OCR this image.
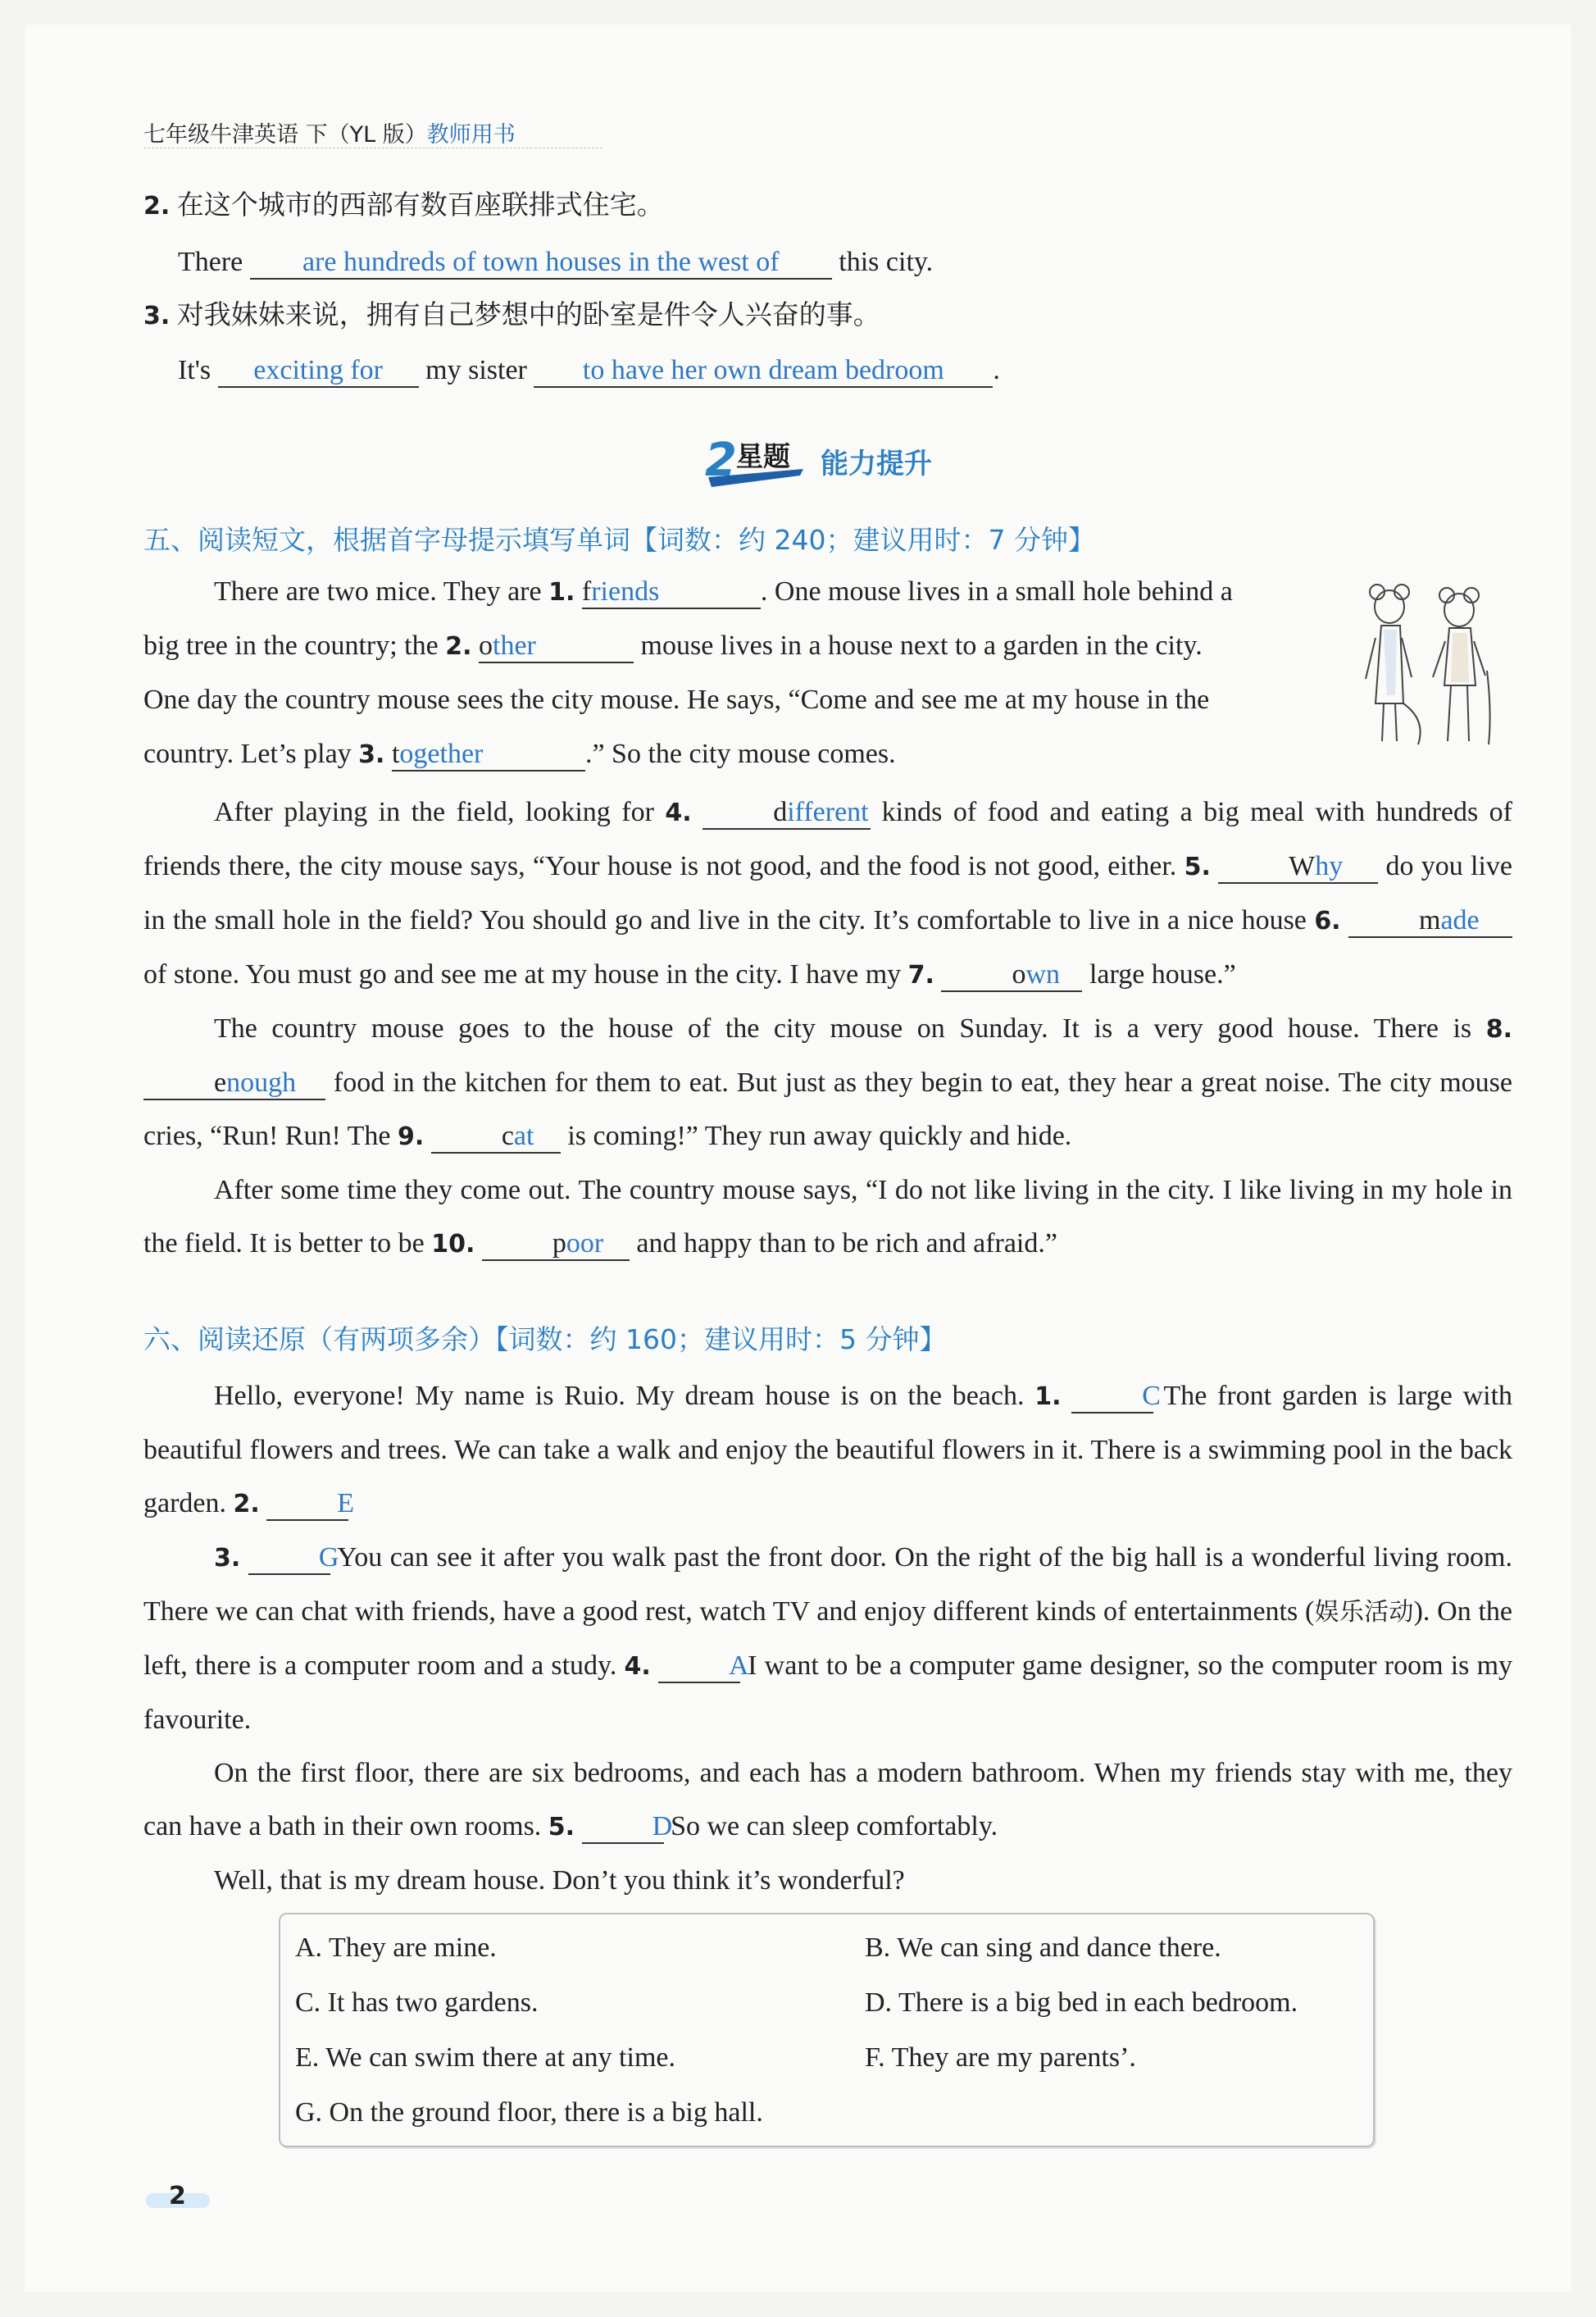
七年级牛津英语 下（YL 版）教师用书
2. 在这个城市的西部有数百座联排式住宅。
There are hundreds of town houses in the west of this city.
3. 对我妹妹来说，拥有自己梦想中的卧室是件令人兴奋的事。
It's exciting for my sister to have her own dream bedroom .
2 星题 能力提升
五、阅读短文，根据首字母提示填写单词【词数：约 240；建议用时：7 分钟】
There are two mice. They are 1. friends	. One mouse lives in a small hole behind a
big tree in the country; the 2. other	mouse lives in a house next to a garden in the city.
One day the country mouse sees the city mouse. He says, “Come and see me at my house in the
country. Let’s play 3. together	.” So the city mouse comes.

After playing in the field, looking for 4.	different kinds of food and eating a big meal with hundreds of friends there, the city mouse says, “Your house is not good, and the food is not good, either. 5.	Why do you live in the small hole in the field? You should go and live in the city. It’s comfortable to live in a nice house 6.	made of stone. You must go and see me at my house in the city. I have my 7.	own large house.”

The country mouse goes to the house of the city mouse on Sunday. It is a very good house. There is 8. enough food in the kitchen for them to eat. But just as they begin to eat, they hear a great noise. The city mouse cries, “Run! Run! The 9.	cat is coming!” They run away quickly and hide.

After some time they come out. The country mouse says, “I do not like living in the city. I like living in my hole in the field. It is better to be 10.	poor and happy than to be rich and afraid.”

六、阅读还原（有两项多余）【词数：约 160；建议用时：5 分钟】

Hello, everyone! My name is Ruio. My dream house is on the beach. 1.	C The front garden is large with beautiful flowers and trees. We can take a walk and enjoy the beautiful flowers in it. There is a swimming pool in the back garden. 2.	E

3.	G You can see it after you walk past the front door. On the right of the big hall is a wonderful living room. There we can chat with friends, have a good rest, watch TV and enjoy different kinds of entertainments (娱乐活动). On the left, there is a computer room and a study. 4.	A I want to be a computer game designer, so the computer room is my favourite.

On the first floor, there are six bedrooms, and each has a modern bathroom. When my friends stay with me, they can have a bath in their own rooms. 5.	D So we can sleep comfortably.

Well, that is my dream house. Don’t you think it’s wonderful?

A. They are mine.	B. We can sing and dance there.
C. It has two gardens.	D. There is a big bed in each bedroom.
E. We can swim there at any time.	F. They are my parents’.
G. On the ground floor, there is a big hall.
2
